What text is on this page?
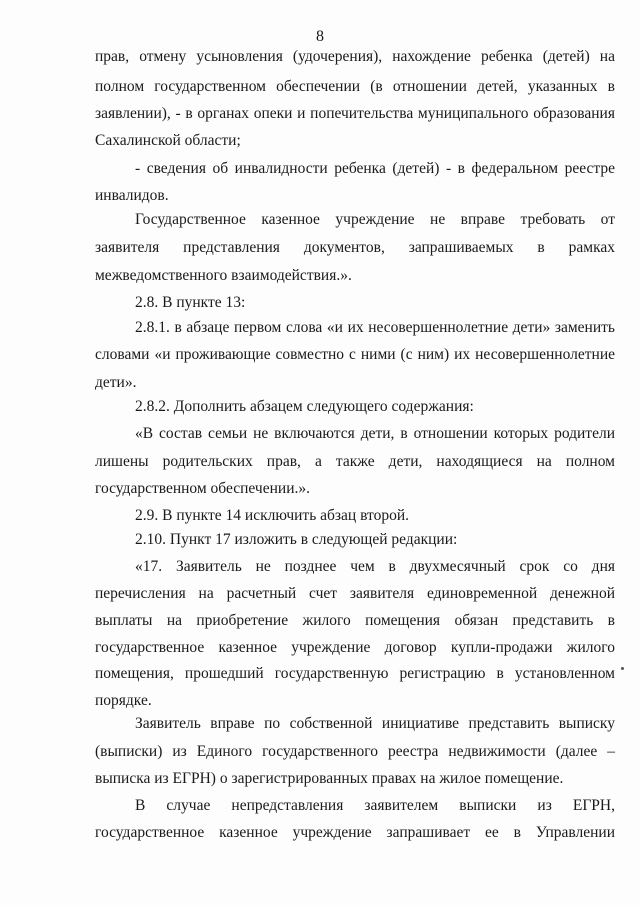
8
прав, отмену усыновления (удочерения), нахождение ребенка (детей) на
полном государственном обеспечении (в отношении детей, указанных в
заявлении), - в органах опеки и попечительства муниципального образования
Сахалинской области;
- сведения об инвалидности ребенка (детей) - в федеральном реестре
инвалидов.
Государственное казенное учреждение не вправе требовать от
заявителя представления документов, запрашиваемых в рамках
межведомственного взаимодействия.».
2.8. В пункте 13:
2.8.1. в абзаце первом слова «и их несовершеннолетние дети» заменить
словами «и проживающие совместно с ними (с ним) их несовершеннолетние
дети».
2.8.2. Дополнить абзацем следующего содержания:
«В состав семьи не включаются дети, в отношении которых родители
лишены родительских прав, а также дети, находящиеся на полном
государственном обеспечении.».
2.9. В пункте 14 исключить абзац второй.
2.10. Пункт 17 изложить в следующей редакции:
«17. Заявитель не позднее чем в двухмесячный срок со дня
перечисления на расчетный счет заявителя единовременной денежной
выплаты на приобретение жилого помещения обязан представить в
государственное казенное учреждение договор купли-продажи жилого
помещения, прошедший государственную регистрацию в установленном
порядке.
Заявитель вправе по собственной инициативе представить выписку
(выписки) из Единого государственного реестра недвижимости (далее –
выписка из ЕГРН) о зарегистрированных правах на жилое помещение.
В случае непредставления заявителем выписки из ЕГРН,
государственное казенное учреждение запрашивает ее в Управлении
